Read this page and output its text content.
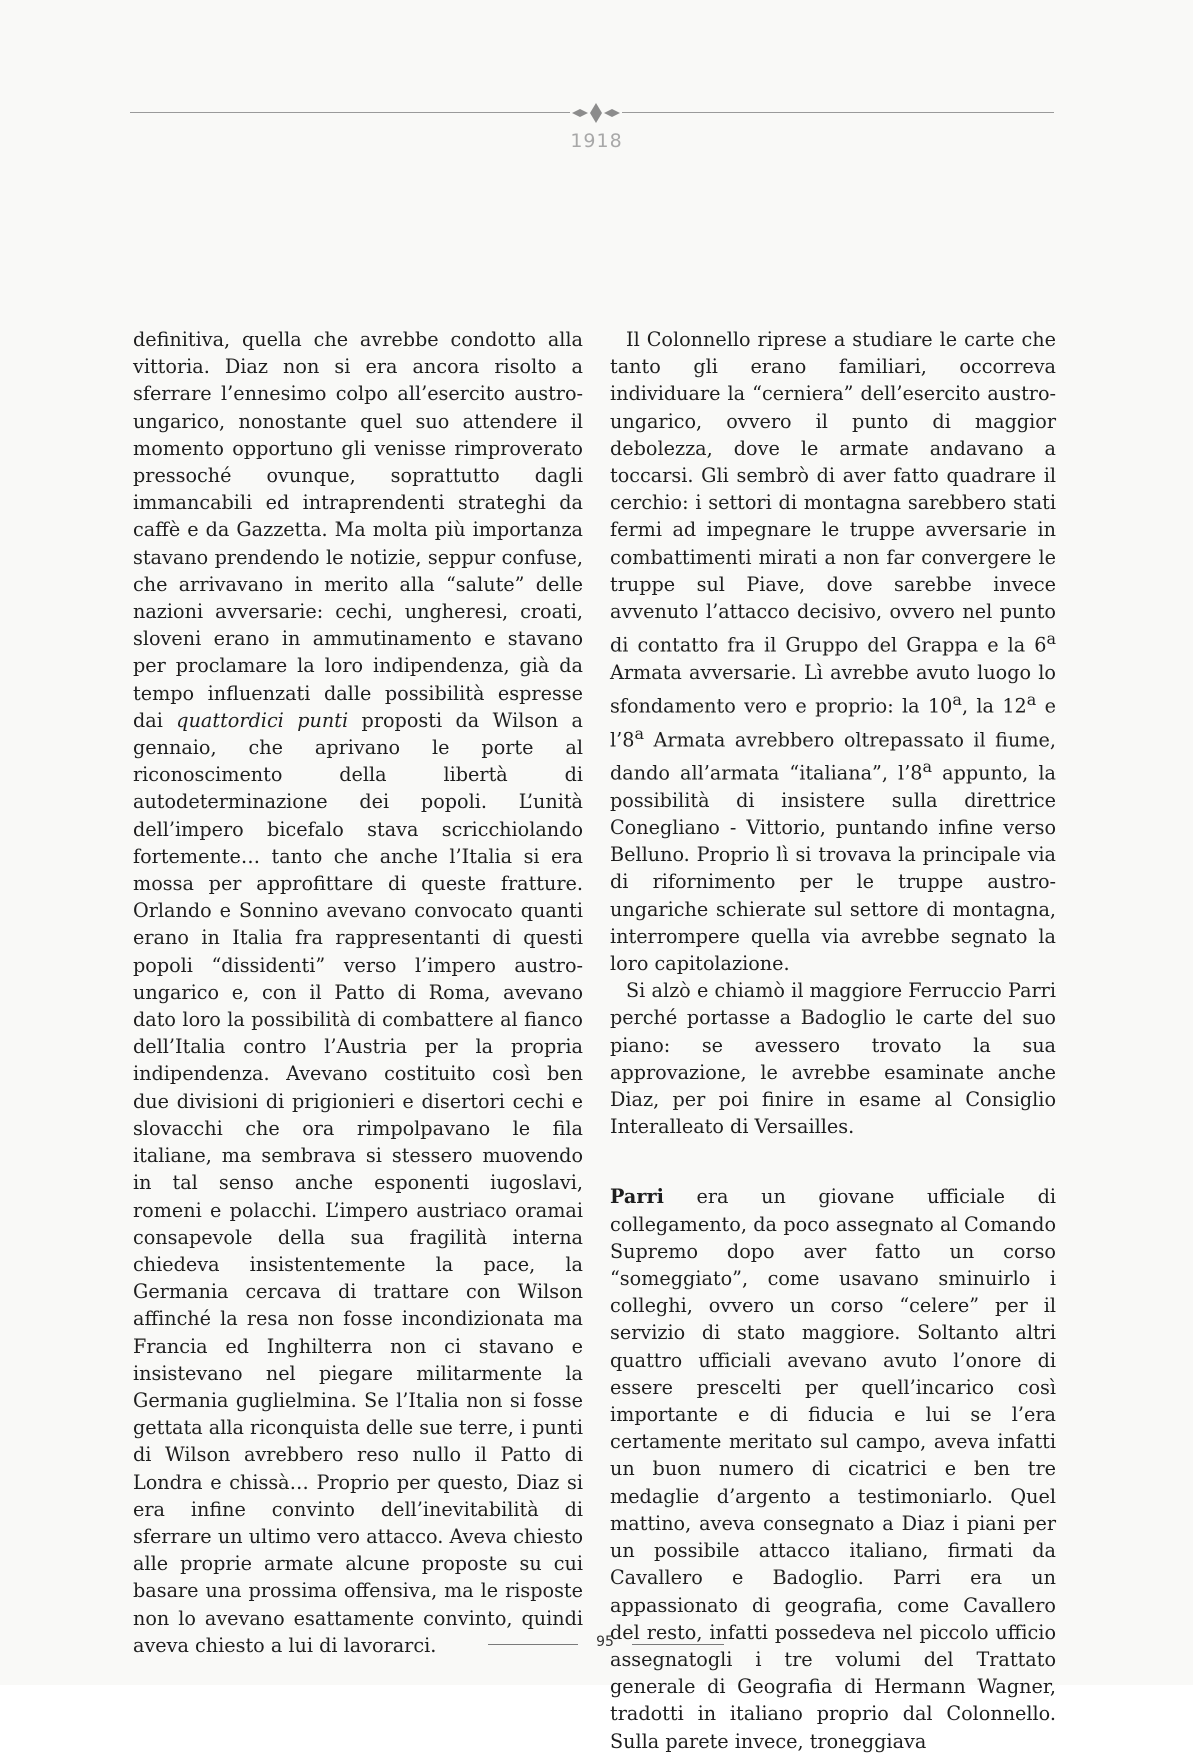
1918

definitiva, quella che avrebbe condotto alla vittoria. Diaz non si era ancora risolto a sferrare l’ennesimo colpo all’esercito austro-ungarico, nonostante quel suo attendere il momento opportuno gli venisse rimproverato pressoché ovunque, soprattutto dagli immancabili ed intraprendenti strateghi da caffè e da Gazzetta. Ma molta più importanza stavano prendendo le notizie, seppur confuse, che arrivavano in merito alla “salute” delle nazioni avversarie: cechi, ungheresi, croati, sloveni erano in ammutinamento e stavano per proclamare la loro indipendenza, già da tempo influenzati dalle possibilità espresse dai quattordici punti proposti da Wilson a gennaio, che aprivano le porte al riconoscimento della libertà di autodeterminazione dei popoli. L’unità dell’impero bicefalo stava scricchiolando fortemente… tanto che anche l’Italia si era mossa per approfittare di queste fratture. Orlando e Sonnino avevano convocato quanti erano in Italia fra rappresentanti di questi popoli “dissidenti” verso l’impero austro-ungarico e, con il Patto di Roma, avevano dato loro la possibilità di combattere al fianco dell’Italia contro l’Austria per la propria indipendenza. Avevano costituito così ben due divisioni di prigionieri e disertori cechi e slovacchi che ora rimpolpavano le fila italiane, ma sembrava si stessero muovendo in tal senso anche esponenti iugoslavi, romeni e polacchi. L’impero austriaco oramai consapevole della sua fragilità interna chiedeva insistentemente la pace, la Germania cercava di trattare con Wilson affinché la resa non fosse incondizionata ma Francia ed Inghilterra non ci stavano e insistevano nel piegare militarmente la Germania guglielmina. Se l’Italia non si fosse gettata alla riconquista delle sue terre, i punti di Wilson avrebbero reso nullo il Patto di Londra e chissà… Proprio per questo, Diaz si era infine convinto dell’inevitabilità di sferrare un ultimo vero attacco. Aveva chiesto alle proprie armate alcune proposte su cui basare una prossima offensiva, ma le risposte non lo avevano esattamente convinto, quindi aveva chiesto a lui di lavorarci.

Il Colonnello riprese a studiare le carte che tanto gli erano familiari, occorreva individuare la “cerniera” dell’esercito austro-ungarico, ovvero il punto di maggior debolezza, dove le armate andavano a toccarsi. Gli sembrò di aver fatto quadrare il cerchio: i settori di montagna sarebbero stati fermi ad impegnare le truppe avversarie in combattimenti mirati a non far convergere le truppe sul Piave, dove sarebbe invece avvenuto l’attacco decisivo, ovvero nel punto di contatto fra il Gruppo del Grappa e la 6$^a$ Armata avversarie. Lì avrebbe avuto luogo lo sfondamento vero e proprio: la 10$^a$, la 12$^a$ e l’8$^a$ Armata avrebbero oltrepassato il fiume, dando all’armata “italiana”, l’8$^a$ appunto, la possibilità di insistere sulla direttrice Conegliano - Vittorio, puntando infine verso Belluno. Proprio lì si trovava la principale via di rifornimento per le truppe austro-ungariche schierate sul settore di montagna, interrompere quella via avrebbe segnato la loro capitolazione.

Si alzò e chiamò il maggiore Ferruccio Parri perché portasse a Badoglio le carte del suo piano: se avessero trovato la sua approvazione, le avrebbe esaminate anche Diaz, per poi finire in esame al Consiglio Interalleato di Versailles.

Parri era un giovane ufficiale di collegamento, da poco assegnato al Comando Supremo dopo aver fatto un corso “someggiato”, come usavano sminuirlo i colleghi, ovvero un corso “celere” per il servizio di stato maggiore. Soltanto altri quattro ufficiali avevano avuto l’onore di essere prescelti per quell’incarico così importante e di fiducia e lui se l’era certamente meritato sul campo, aveva infatti un buon numero di cicatrici e ben tre medaglie d’argento a testimoniarlo. Quel mattino, aveva consegnato a Diaz i piani per un possibile attacco italiano, firmati da Cavallero e Badoglio. Parri era un appassionato di geografia, come Cavallero del resto, infatti possedeva nel piccolo ufficio assegnatogli i tre volumi del Trattato generale di Geografia di Hermann Wagner, tradotti in italiano proprio dal Colonnello. Sulla parete invece, troneggiava

95
